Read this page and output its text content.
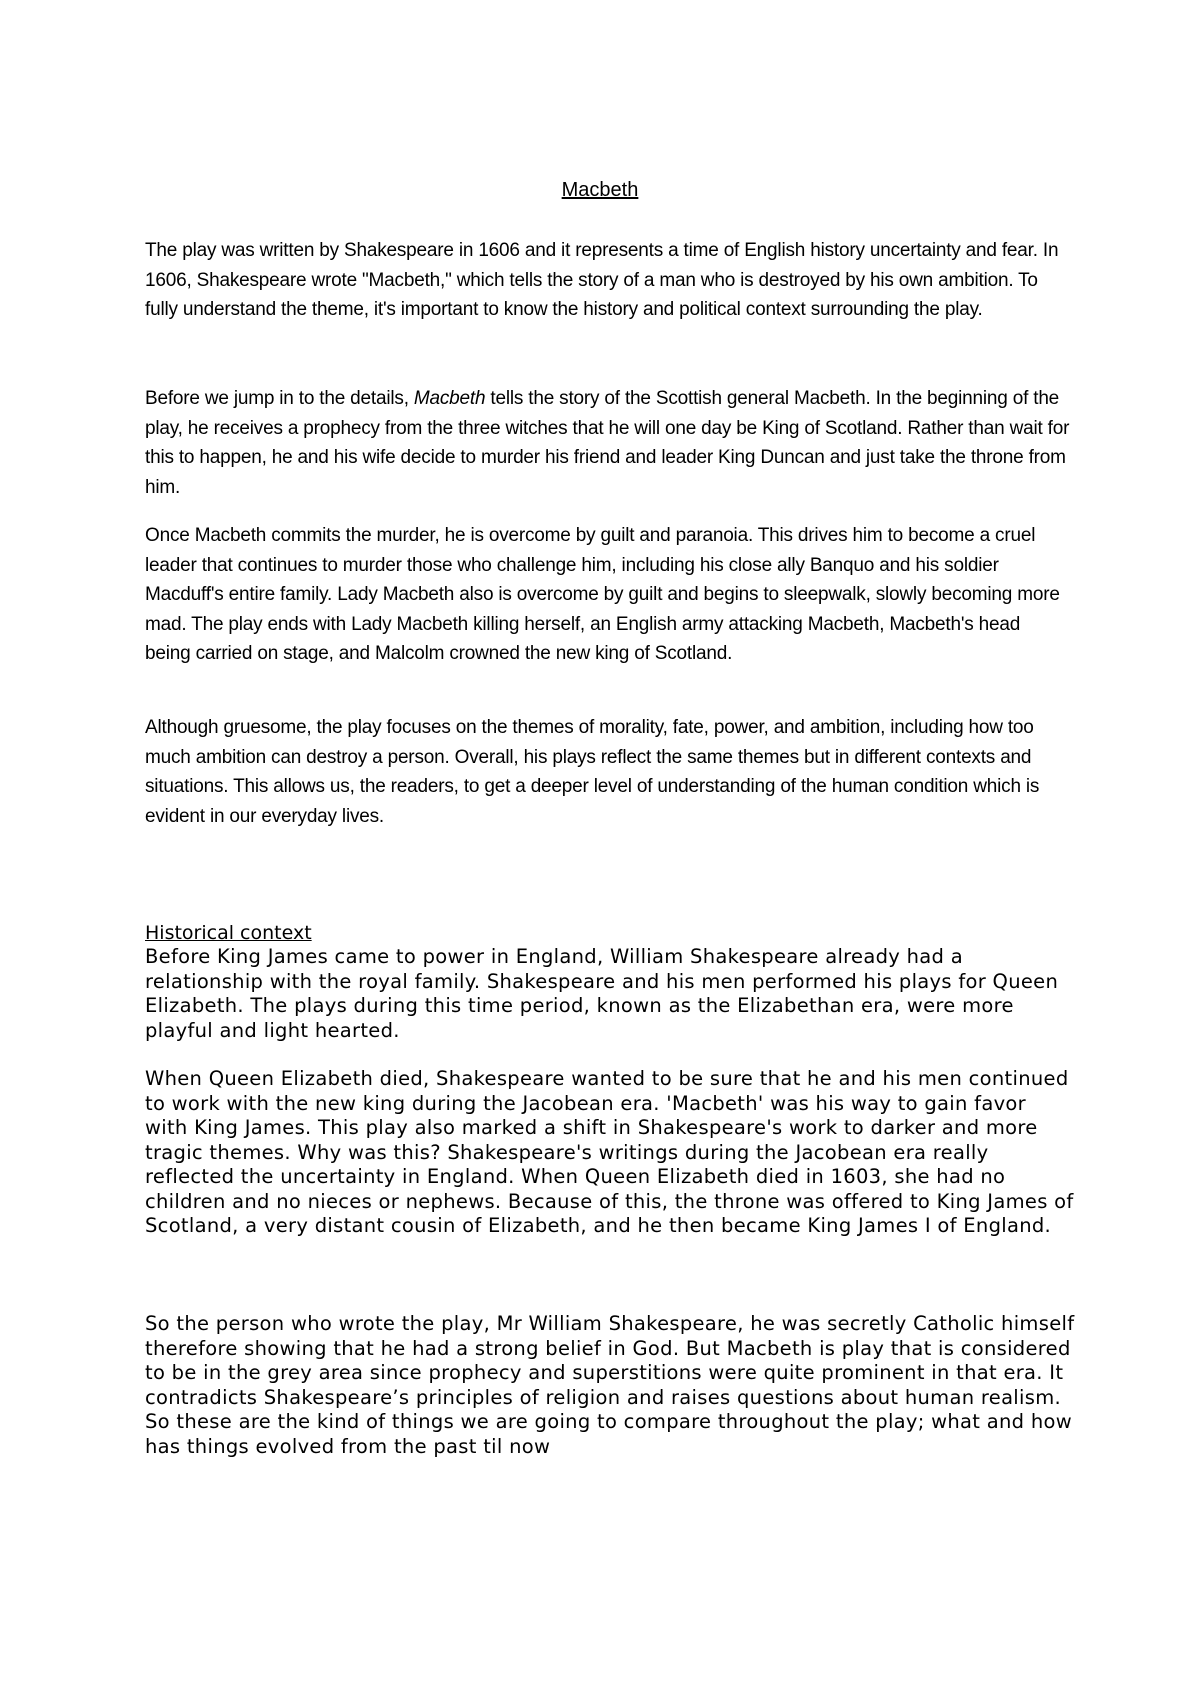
Macbeth

The play was written by Shakespeare in 1606 and it represents a time of English history uncertainty and fear. In 1606, Shakespeare wrote "Macbeth," which tells the story of a man who is destroyed by his own ambition. To fully understand the theme, it's important to know the history and political context surrounding the play.

Before we jump in to the details, Macbeth tells the story of the Scottish general Macbeth. In the beginning of the play, he receives a prophecy from the three witches that he will one day be King of Scotland. Rather than wait for this to happen, he and his wife decide to murder his friend and leader King Duncan and just take the throne from him.

Once Macbeth commits the murder, he is overcome by guilt and paranoia. This drives him to become a cruel leader that continues to murder those who challenge him, including his close ally Banquo and his soldier Macduff's entire family. Lady Macbeth also is overcome by guilt and begins to sleepwalk, slowly becoming more mad. The play ends with Lady Macbeth killing herself, an English army attacking Macbeth, Macbeth's head being carried on stage, and Malcolm crowned the new king of Scotland.

Although gruesome, the play focuses on the themes of morality, fate, power, and ambition, including how too much ambition can destroy a person. Overall, his plays reflect the same themes but in different contexts and situations. This allows us, the readers, to get a deeper level of understanding of the human condition which is evident in our everyday lives.

Historical context

Before King James came to power in England, William Shakespeare already had a relationship with the royal family. Shakespeare and his men performed his plays for Queen Elizabeth. The plays during this time period, known as the Elizabethan era, were more playful and light hearted.

When Queen Elizabeth died, Shakespeare wanted to be sure that he and his men continued to work with the new king during the Jacobean era. 'Macbeth' was his way to gain favor with King James. This play also marked a shift in Shakespeare's work to darker and more tragic themes. Why was this? Shakespeare's writings during the Jacobean era really reflected the uncertainty in England. When Queen Elizabeth died in 1603, she had no children and no nieces or nephews. Because of this, the throne was offered to King James of Scotland, a very distant cousin of Elizabeth, and he then became King James I of England.

So the person who wrote the play, Mr William Shakespeare, he was secretly Catholic himself therefore showing that he had a strong belief in God. But Macbeth is play that is considered to be in the grey area since prophecy and superstitions were quite prominent in that era. It contradicts Shakespeare’s principles of religion and raises questions about human realism. So these are the kind of things we are going to compare throughout the play; what and how has things evolved from the past til now
